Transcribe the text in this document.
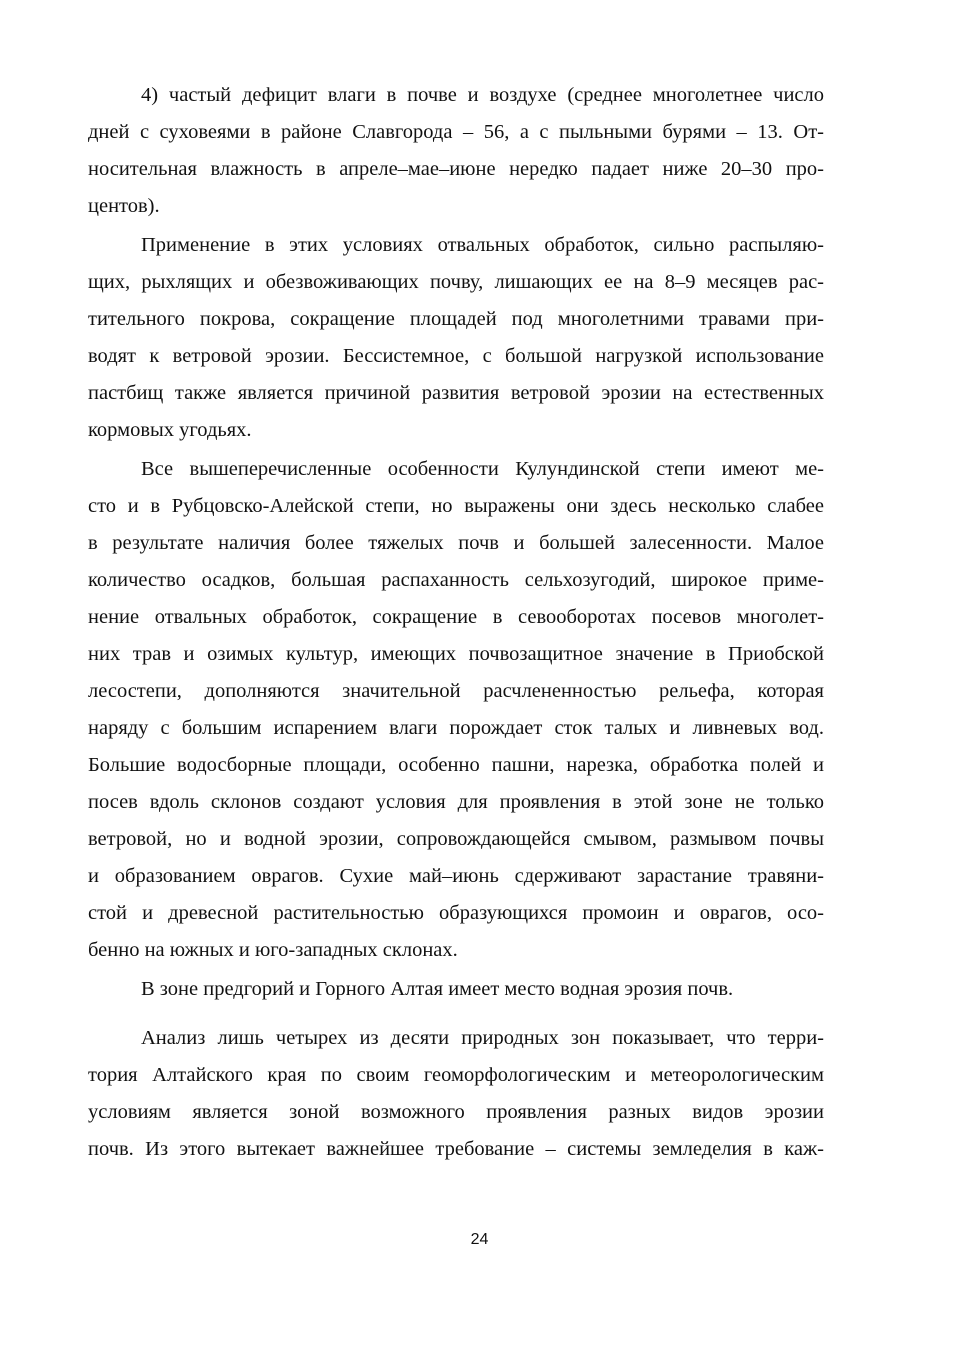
4) частый дефицит влаги в почве и воздухе (среднее многолетнее число
дней с суховеями в районе Славгорода – 56, а с пыльными бурями – 13. От-
носительная влажность в апреле–мае–июне нередко падает ниже 20–30 про-
центов).
Применение в этих условиях отвальных обработок, сильно распыляю-
щих, рыхлящих и обезвоживающих почву, лишающих ее на 8–9 месяцев рас-
тительного покрова, сокращение площадей под многолетними травами при-
водят к ветровой эрозии. Бессистемное, с большой нагрузкой использование
пастбищ также является причиной развития ветровой эрозии на естественных
кормовых угодьях.
Все вышеперечисленные особенности Кулундинской степи имеют ме-
сто и в Рубцовско-Алейской степи, но выражены они здесь несколько слабее
в результате наличия более тяжелых почв и большей залесенности. Малое
количество осадков, большая распаханность сельхозугодий, широкое приме-
нение отвальных обработок, сокращение в севооборотах посевов многолет-
них трав и озимых культур, имеющих почвозащитное значение в Приобской
лесостепи, дополняются значительной расчлененностью рельефа, которая
наряду с большим испарением влаги порождает сток талых и ливневых вод.
Большие водосборные площади, особенно пашни, нарезка, обработка полей и
посев вдоль склонов создают условия для проявления в этой зоне не только
ветровой, но и водной эрозии, сопровождающейся смывом, размывом почвы
и образованием оврагов. Сухие май–июнь сдерживают зарастание травяни-
стой и древесной растительностью образующихся промоин и оврагов, осо-
бенно на южных и юго-западных склонах.
В зоне предгорий и Горного Алтая имеет место водная эрозия почв.
Анализ лишь четырех из десяти природных зон показывает, что терри-
тория Алтайского края по своим геоморфологическим и метеорологическим
условиям является зоной возможного проявления разных видов эрозии
почв. Из этого вытекает важнейшее требование – системы земледелия в каж-
24
